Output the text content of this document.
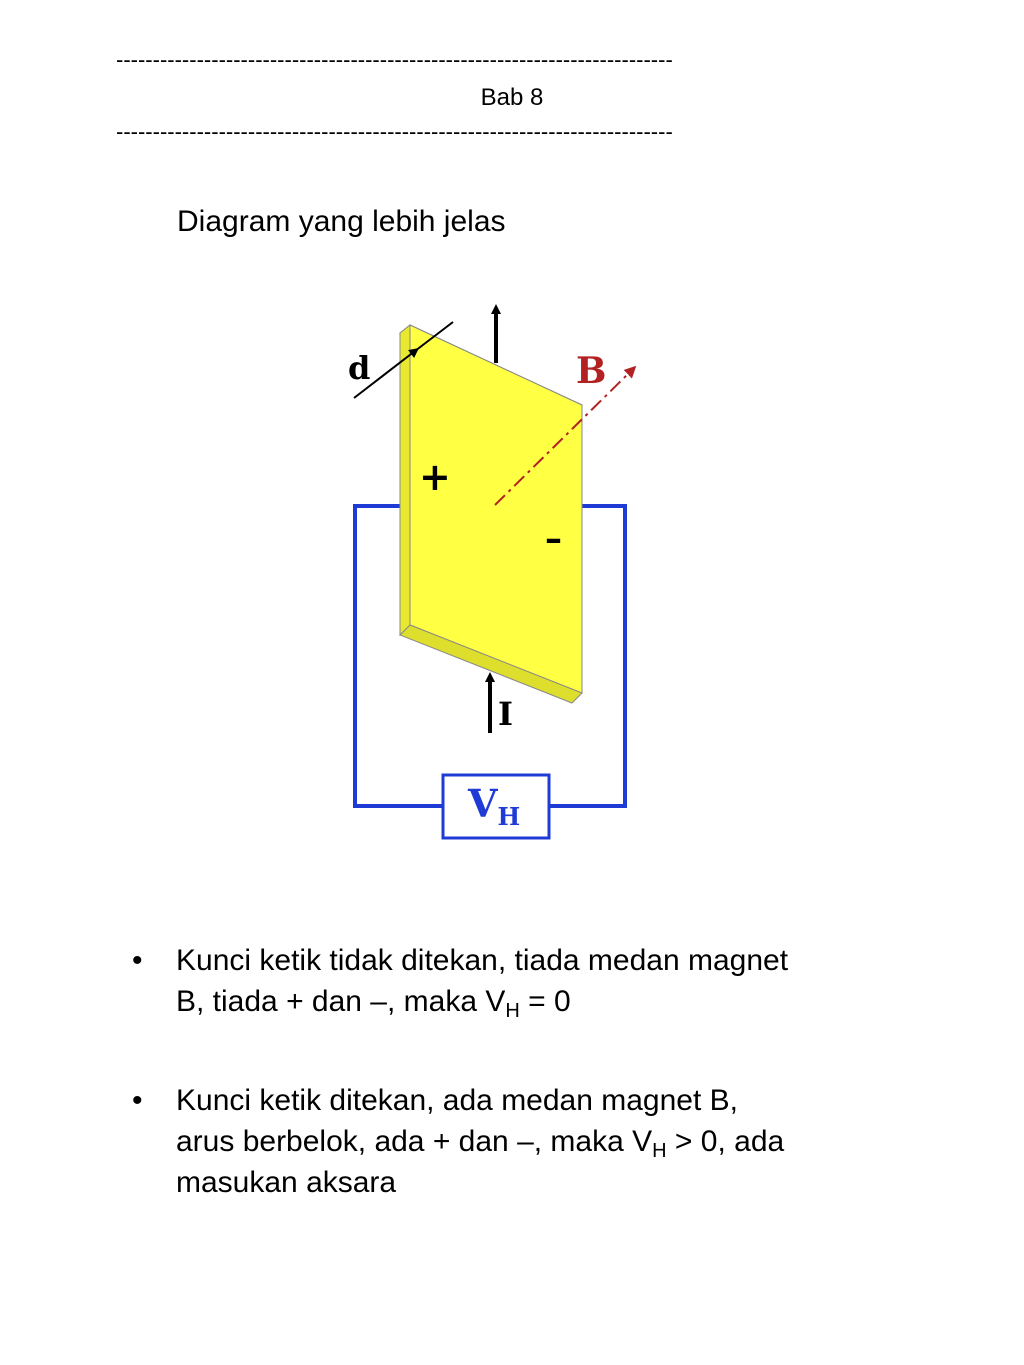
----------------------------------------------------------------------------
Bab 8
----------------------------------------------------------------------------
Diagram yang lebih jelas
d	B
+
–
I
$V_H$
• Kunci ketik tidak ditekan, tiada medan magnet
B, tiada + dan –, maka $V_H = 0$
• Kunci ketik ditekan, ada medan magnet B,
arus berbelok, ada + dan –, maka $V_H > 0$, ada
masukan aksara
